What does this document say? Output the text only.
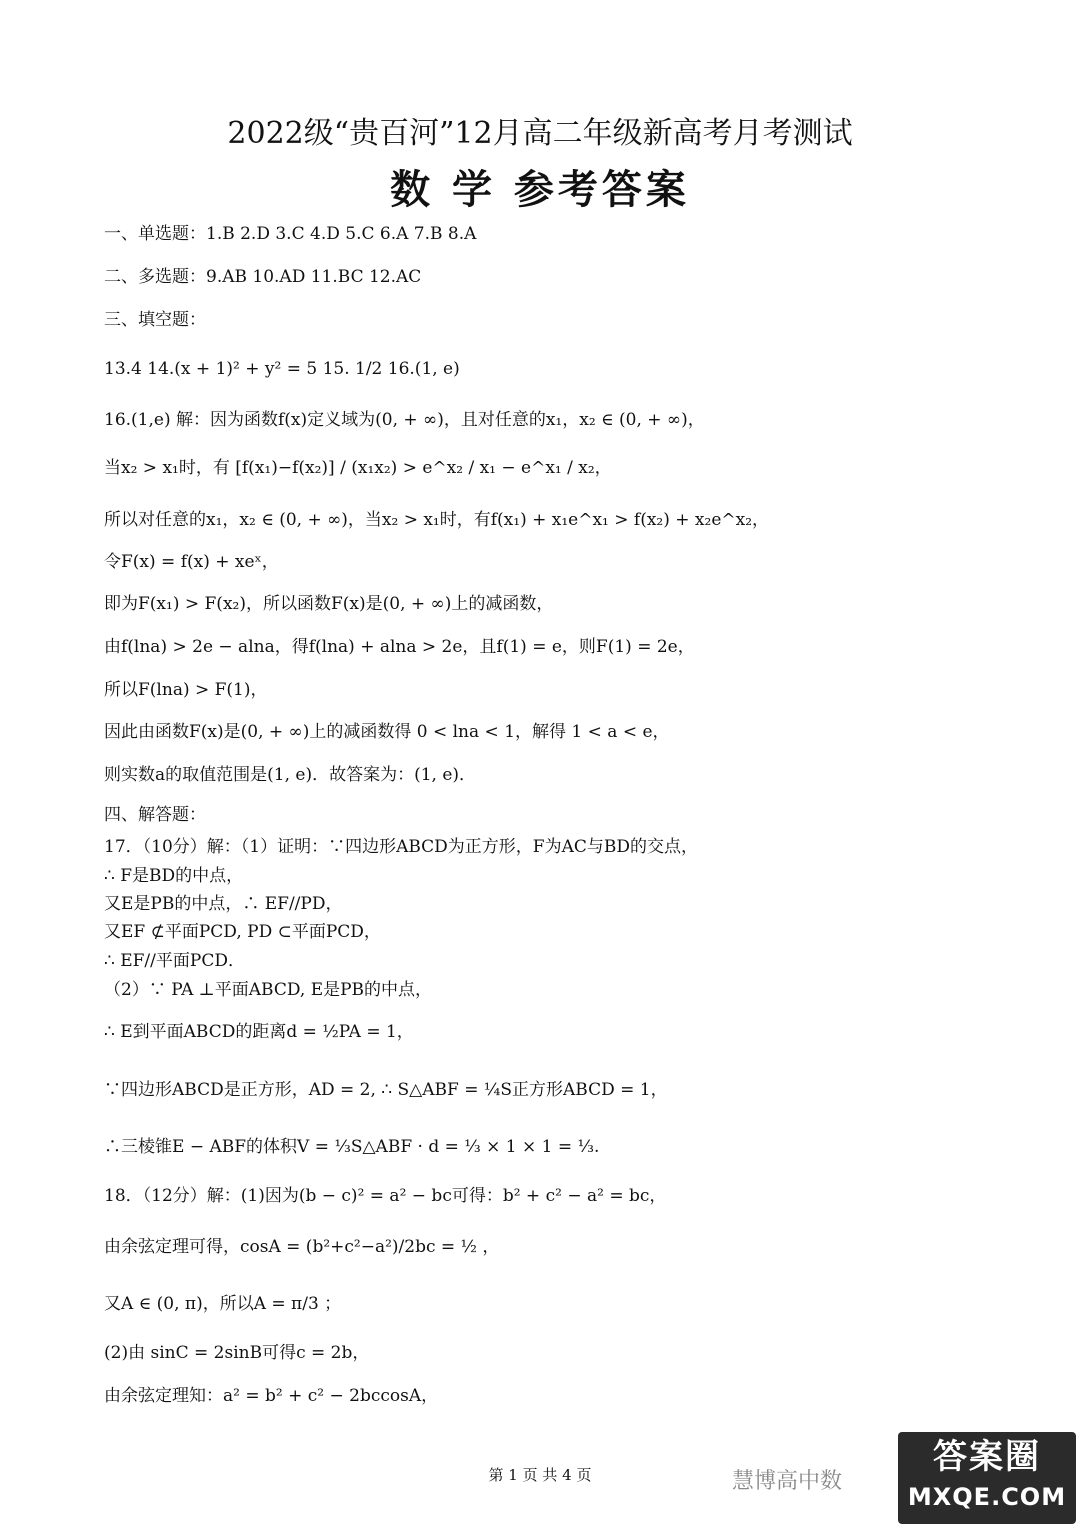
2022级“贵百河”12月高二年级新高考月考测试
数 学 参考答案
一、单选题：1.B 2.D 3.C 4.D 5.C 6.A 7.B 8.A
二、多选题：9.AB 10.AD 11.BC 12.AC
三、填空题：
13.4 14.(x + 1)² + y² = 5 15. 1/2 16.(1, e)
16.(1,e) 解：因为函数f(x)定义域为(0, + ∞)，且对任意的x₁，x₂ ∈ (0, + ∞)，
当x₂ > x₁时，有 [f(x₁)−f(x₂)] / (x₁x₂) > e^x₂ / x₁ − e^x₁ / x₂，
所以对任意的x₁，x₂ ∈ (0, + ∞)，当x₂ > x₁时，有f(x₁) + x₁e^x₁ > f(x₂) + x₂e^x₂，
令F(x) = f(x) + xeˣ，
即为F(x₁) > F(x₂)，所以函数F(x)是(0, + ∞)上的减函数，
由f(lna) > 2e − alna，得f(lna) + alna > 2e，且f(1) = e，则F(1) = 2e，
所以F(lna) > F(1)，
因此由函数F(x)是(0, + ∞)上的减函数得 0 < lna < 1，解得 1 < a < e，
则实数a的取值范围是(1, e)．故答案为：(1, e)．
四、解答题：
17．（10分）解：（1）证明：∵四边形ABCD为正方形，F为AC与BD的交点，
∴ F是BD的中点，
又E是PB的中点，∴ EF//PD，
又EF ⊄平面PCD, PD ⊂平面PCD，
∴ EF//平面PCD．
（2）∵ PA ⊥平面ABCD, E是PB的中点，
∴ E到平面ABCD的距离d = ½PA = 1，
∵四边形ABCD是正方形，AD = 2, ∴ S△ABF = ¼S正方形ABCD = 1，
∴三棱锥E − ABF的体积V = ⅓S△ABF · d = ⅓ × 1 × 1 = ⅓.
18．（12分）解：(1)因为(b − c)² = a² − bc可得：b² + c² − a² = bc，
由余弦定理可得，cosA = (b²+c²−a²)/2bc = ½ ，
又A ∈ (0, π)，所以A = π/3 ；
(2)由 sinC = 2sinB可得c = 2b，
由余弦定理知：a² = b² + c² − 2bccosA，
第 1 页 共 4 页	慧博高中数
答案圈
MXQE.COM
